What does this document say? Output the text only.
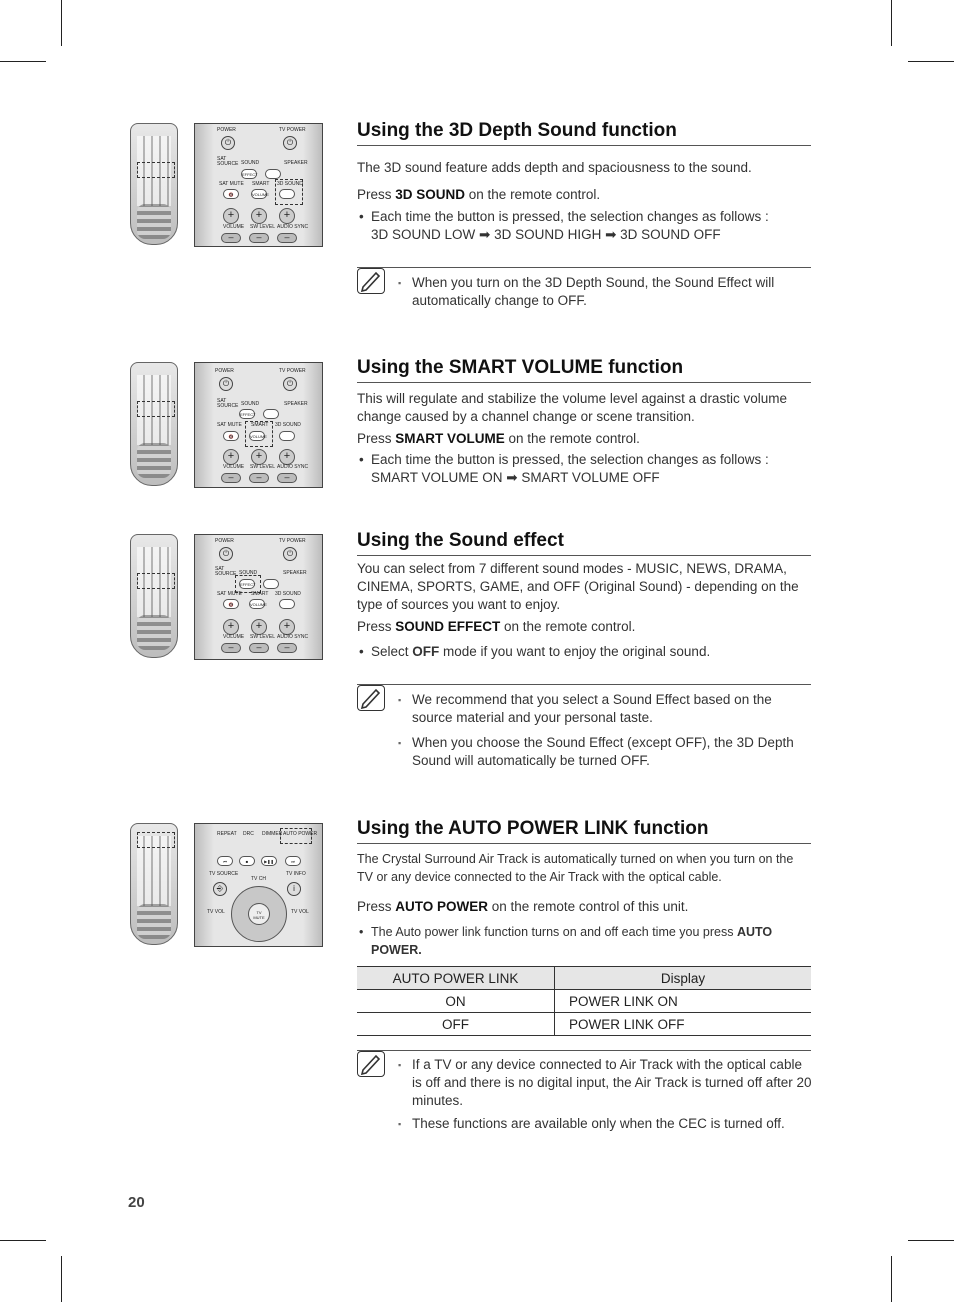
POWER	TV POWER
⏻	⏻
SAT
SOURCE SOUND	SPEAKER
EFFECT
SAT MUTE SMART 3D SOUND
🔇	VOLUME
+	+	+
VOLUME SW LEVEL AUDIO SYNC
–	–	–
Using the 3D Depth Sound function
The 3D sound feature adds depth and spaciousness to the sound.
Press 3D SOUND on the remote control.
• Each time the button is pressed, the selection changes as follows :
3D SOUND LOW ➡ 3D SOUND HIGH ➡ 3D SOUND OFF
▪ When you turn on the 3D Depth Sound, the Sound Effect will automatically change to OFF.
POWER	TV POWER
⏻	⏻
SAT
SOURCE SOUND	SPEAKER
EFFECT
SAT MUTE SMART 3D SOUND
🔇	VOLUME
+	+	+
VOLUME SW LEVEL AUDIO SYNC
–	–	–
Using the SMART VOLUME function
This will regulate and stabilize the volume level against a drastic volume change caused by a channel change or scene transition.
Press SMART VOLUME on the remote control.
• Each time the button is pressed, the selection changes as follows :
SMART VOLUME ON ➡ SMART VOLUME OFF
POWER	TV POWER
⏻	⏻
SAT
SOURCE SOUND	SPEAKER
EFFECT
SAT MUTE SMART 3D SOUND
🔇	VOLUME
+	+	+
VOLUME SW LEVEL AUDIO SYNC
–	–	–
Using the Sound effect
You can select from 7 different sound modes - MUSIC, NEWS, DRAMA, CINEMA, SPORTS, GAME, and OFF (Original Sound) - depending on the type of sources you want to enjoy.
Press SOUND EFFECT on the remote control.
• Select OFF mode if you want to enjoy the original sound.
▪ We recommend that you select a Sound Effect based on the source material and your personal taste.
▪ When you choose the Sound Effect (except OFF), the 3D Depth Sound will automatically be turned OFF.
REPEAT DRC DIMMER AUTO POWER
⏮	■	▶❚❚	⏭
TV SOURCE	TV INFO
TV CH
⎆	i
TV
MUTE
TV VOL	TV VOL
Using the AUTO POWER LINK function
The Crystal Surround Air Track is automatically turned on when you turn on the TV or any device connected to the Air Track with the optical cable.
Press AUTO POWER on the remote control of this unit.
• The Auto power link function turns on and off each time you press AUTO POWER.
AUTO POWER LINK	Display
ON	POWER LINK ON
OFF	POWER LINK OFF
▪ If a TV or any device connected to Air Track with the optical cable is off and there is no digital input, the Air Track is turned off after 20 minutes.
▪ These functions are available only when the CEC is turned off.
20
